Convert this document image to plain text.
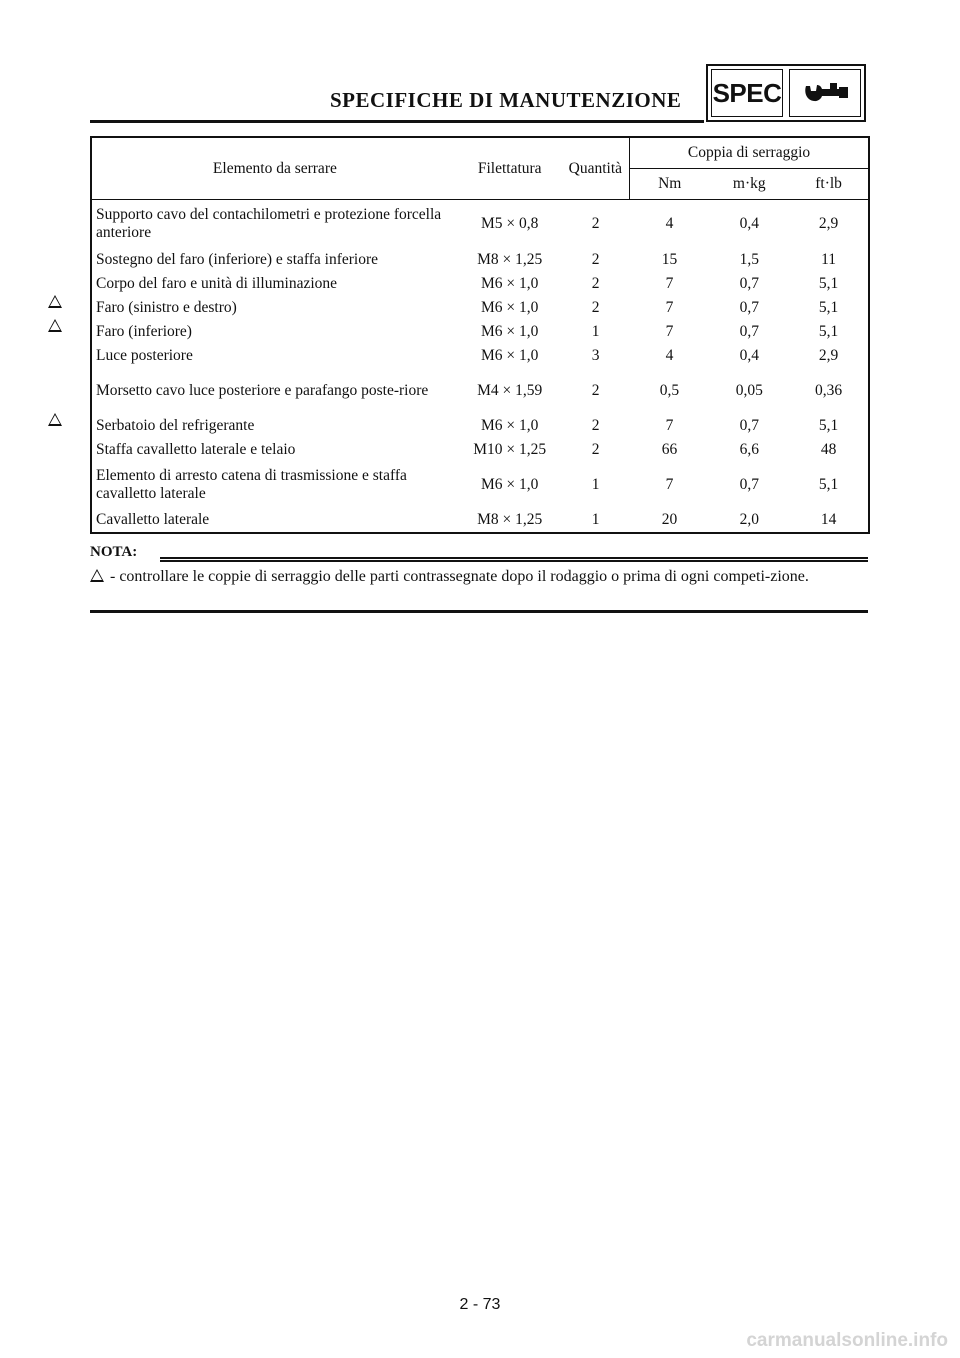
SPECIFICHE DI MANUTENZIONE SPEC
Elemento da serrare	Filettatura	Quantità	Coppia di serraggio		
			Nm	m·kg	ft·lb
Supporto cavo del contachilometri e protezione forcella anteriore	M5 × 0,8	2	4	0,4	2,9
Sostegno del faro (inferiore) e staffa inferiore	M8 × 1,25	2	15	1,5	11
Corpo del faro e unità di illuminazione	M6 × 1,0	2	7	0,7	5,1
Faro (sinistro e destro)	M6 × 1,0	2	7	0,7	5,1
Faro (inferiore)	M6 × 1,0	1	7	0,7	5,1
Luce posteriore	M6 × 1,0	3	4	0,4	2,9
Morsetto cavo luce posteriore e parafango poste-riore	M4 × 1,59	2	0,5	0,05	0,36
Serbatoio del refrigerante	M6 × 1,0	2	7	0,7	5,1
Staffa cavalletto laterale e telaio	M10 × 1,25	2	66	6,6	48
Elemento di arresto catena di trasmissione e staffa cavalletto laterale	M6 × 1,0	1	7	0,7	5,1
Cavalletto laterale	M8 × 1,25	1	20	2,0	14
NOTA:
- controllare le coppie di serraggio delle parti contrassegnate dopo il rodaggio o prima di ogni competi-zione.
2 - 73
carmanualsonline.info
